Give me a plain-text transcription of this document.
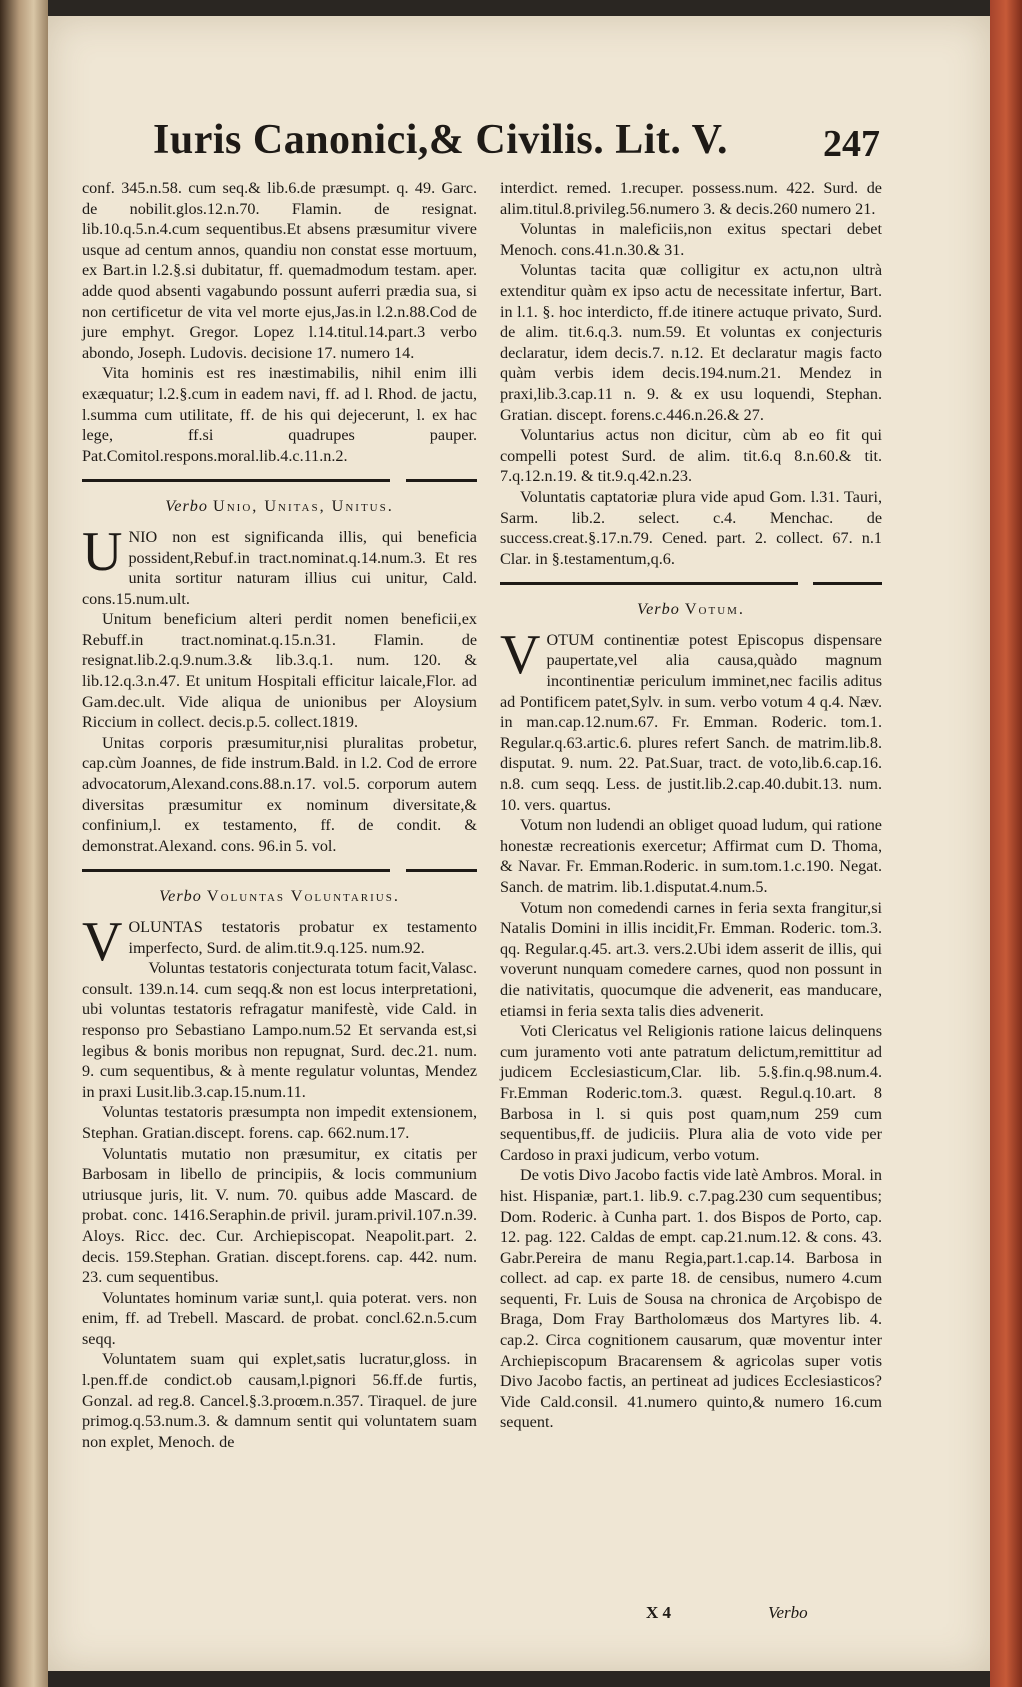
Iuris Canonici,& Civilis. Lit. V. 247

conf. 345.n.58. cum seq.& lib.6.de præsumpt. q. 49. Garc. de nobilit.glos.12.n.70. Flamin. de resignat. lib.10.q.5.n.4.cum sequentibus.Et absens præsumitur vivere usque ad centum annos, quandiu non constat esse mortuum, ex Bart.in l.2.§.si dubitatur, ff. quemadmodum testam. aper. adde quod absenti vagabundo possunt auferri prædia sua, si non certificetur de vita vel morte ejus,Jas.in l.2.n.88.Cod de jure emphyt. Gregor. Lopez l.14.titul.14.part.3 verbo abondo, Joseph. Ludovis. decisione 17. numero 14.

Vita hominis est res inæstimabilis, nihil enim illi exæquatur; l.2.§.cum in eadem navi, ff. ad l. Rhod. de jactu, l.summa cum utilitate, ff. de his qui dejecerunt, l. ex hac lege, ff.si quadrupes pauper. Pat.Comitol.respons.moral.lib.4.c.11.n.2.

Verbo Unio, Unitas, Unitus.

U NIO non est significanda illis, qui beneficia possident,Rebuf.in tract.nominat.q.14.num.3. Et res unita sortitur naturam illius cui unitur, Cald. cons.15.num.ult.

Unitum beneficium alteri perdit nomen beneficii,ex Rebuff.in tract.nominat.q.15.n.31. Flamin. de resignat.lib.2.q.9.num.3.& lib.3.q.1. num. 120. & lib.12.q.3.n.47. Et unitum Hospitali efficitur laicale,Flor. ad Gam.dec.ult. Vide aliqua de unionibus per Aloysium Riccium in collect. decis.p.5. collect.1819.

Unitas corporis præsumitur,nisi pluralitas probetur, cap.cùm Joannes, de fide instrum.Bald. in l.2. Cod de errore advocatorum,Alexand.cons.88.n.17. vol.5. corporum autem diversitas præsumitur ex nominum diversitate,& confinium,l. ex testamento, ff. de condit. & demonstrat.Alexand. cons. 96.in 5. vol.

Verbo Voluntas Voluntarius.

V OLUNTAS testatoris probatur ex testamento imperfecto, Surd. de alim.tit.9.q.125. num.92.

Voluntas testatoris conjecturata totum facit,Valasc. consult. 139.n.14. cum seqq.& non est locus interpretationi, ubi voluntas testatoris refragatur manifestè, vide Cald. in responso pro Sebastiano Lampo.num.52 Et servanda est,si legibus & bonis moribus non repugnat, Surd. dec.21. num. 9. cum sequentibus, & à mente regulatur voluntas, Mendez in praxi Lusit.lib.3.cap.15.num.11.

Voluntas testatoris præsumpta non impedit extensionem, Stephan. Gratian.discept. forens. cap. 662.num.17.

Voluntatis mutatio non præsumitur, ex citatis per Barbosam in libello de principiis, & locis communium utriusque juris, lit. V. num. 70. quibus adde Mascard. de probat. conc. 1416.Seraphin.de privil. juram.privil.107.n.39. Aloys. Ricc. dec. Cur. Archiepiscopat. Neapolit.part. 2. decis. 159.Stephan. Gratian. discept.forens. cap. 442. num. 23. cum sequentibus.

Voluntates hominum variæ sunt,l. quia poterat. vers. non enim, ff. ad Trebell. Mascard. de probat. concl.62.n.5.cum seqq.

Voluntatem suam qui explet,satis lucratur,gloss. in l.pen.ff.de condict.ob causam,l.pignori 56.ff.de furtis, Gonzal. ad reg.8. Cancel.§.3.proœm.n.357. Tiraquel. de jure primog.q.53.num.3. & damnum sentit qui voluntatem suam non explet, Menoch. de

interdict. remed. 1.recuper. possess.num. 422. Surd. de alim.titul.8.privileg.56.numero 3. & decis.260 numero 21.

Voluntas in maleficiis,non exitus spectari debet Menoch. cons.41.n.30.& 31.

Voluntas tacita quæ colligitur ex actu,non ultrà extenditur quàm ex ipso actu de necessitate infertur, Bart. in l.1. §. hoc interdicto, ff.de itinere actuque privato, Surd. de alim. tit.6.q.3. num.59. Et voluntas ex conjecturis declaratur, idem decis.7. n.12. Et declaratur magis facto quàm verbis idem decis.194.num.21. Mendez in praxi,lib.3.cap.11 n. 9. & ex usu loquendi, Stephan. Gratian. discept. forens.c.446.n.26.& 27.

Voluntarius actus non dicitur, cùm ab eo fit qui compelli potest Surd. de alim. tit.6.q 8.n.60.& tit. 7.q.12.n.19. & tit.9.q.42.n.23.

Voluntatis captatoriæ plura vide apud Gom. l.31. Tauri, Sarm. lib.2. select. c.4. Menchac. de success.creat.§.17.n.79. Cened. part. 2. collect. 67. n.1 Clar. in §.testamentum,q.6.

Verbo Votum.

V OTUM continentiæ potest Episcopus dispensare paupertate,vel alia causa,quàdo magnum incontinentiæ periculum imminet,nec facilis aditus ad Pontificem patet,Sylv. in sum. verbo votum 4 q.4. Næv. in man.cap.12.num.67. Fr. Emman. Roderic. tom.1. Regular.q.63.artic.6. plures refert Sanch. de matrim.lib.8. disputat. 9. num. 22. Pat.Suar, tract. de voto,lib.6.cap.16. n.8. cum seqq. Less. de justit.lib.2.cap.40.dubit.13. num. 10. vers. quartus.

Votum non ludendi an obliget quoad ludum, qui ratione honestæ recreationis exercetur; Affirmat cum D. Thoma, & Navar. Fr. Emman.Roderic. in sum.tom.1.c.190. Negat. Sanch. de matrim. lib.1.disputat.4.num.5.

Votum non comedendi carnes in feria sexta frangitur,si Natalis Domini in illis incidit,Fr. Emman. Roderic. tom.3. qq. Regular.q.45. art.3. vers.2.Ubi idem asserit de illis, qui voverunt nunquam comedere carnes, quod non possunt in die nativitatis, quocumque die advenerit, eas manducare, etiamsi in feria sexta talis dies advenerit.

Voti Clericatus vel Religionis ratione laicus delinquens cum juramento voti ante patratum delictum,remittitur ad judicem Ecclesiasticum,Clar. lib. 5.§.fin.q.98.num.4. Fr.Emman Roderic.tom.3. quæst. Regul.q.10.art. 8 Barbosa in l. si quis post quam,num 259 cum sequentibus,ff. de judiciis. Plura alia de voto vide per Cardoso in praxi judicum, verbo votum.

De votis Divo Jacobo factis vide latè Ambros. Moral. in hist. Hispaniæ, part.1. lib.9. c.7.pag.230 cum sequentibus; Dom. Roderic. à Cunha part. 1. dos Bispos de Porto, cap. 12. pag. 122. Caldas de empt. cap.21.num.12. & cons. 43. Gabr.Pereira de manu Regia,part.1.cap.14. Barbosa in collect. ad cap. ex parte 18. de censibus, numero 4.cum sequenti, Fr. Luis de Sousa na chronica de Arçobispo de Braga, Dom Fray Bartholomæus dos Martyres lib. 4. cap.2. Circa cognitionem causarum, quæ moventur inter Archiepiscopum Bracarensem & agricolas super votis Divo Jacobo factis, an pertineat ad judices Ecclesiasticos? Vide Cald.consil. 41.numero quinto,& numero 16.cum sequent.

X 4	Verbo
